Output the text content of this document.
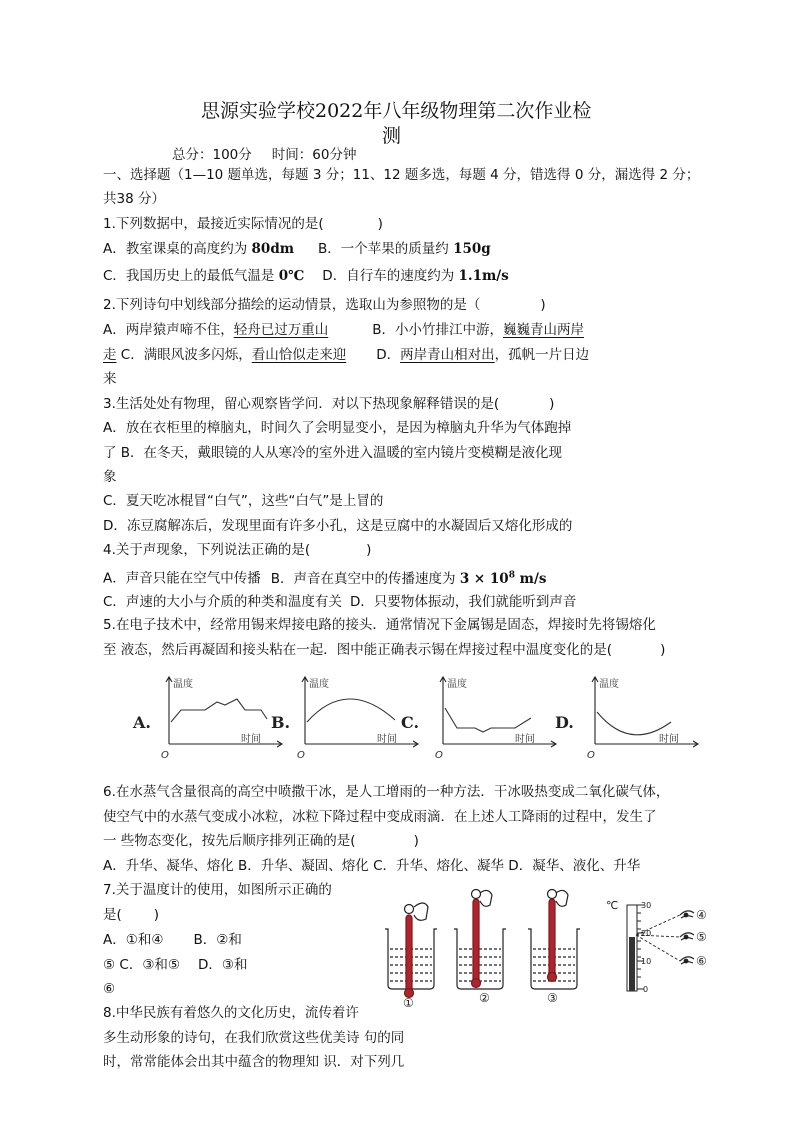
思源实验学校2022年八年级物理第二次作业检
测
总分：100分 时间：60分钟
一、选择题（1—10 题单选，每题 3 分；11、12 题多选，每题 4 分，错选得 0 分，漏选得 2 分；
共38 分）
1.下列数据中，最接近实际情况的是(	)
A．教室课桌的高度约为 80dm B．一个苹果的质量约 150g
C．我国历史上的最低气温是 0℃ D．自行车的速度约为 1.1m/s
2.下列诗句中划线部分描绘的运动情景，选取山为参照物的是（	)
A．两岸猿声啼不住，轻舟已过万重山	B．小小竹排江中游，巍巍青山两岸
走 C．满眼风波多闪烁，看山恰似走来迎 D．两岸青山相对出，孤帆一片日边
来
3.生活处处有物理，留心观察皆学问．对以下热现象解释错误的是(	)
A．放在衣柜里的樟脑丸，时间久了会明显变小，是因为樟脑丸升华为气体跑掉
了 B．在冬天，戴眼镜的人从寒冷的室外进入温暖的室内镜片变模糊是液化现
象
C．夏天吃冰棍冒“白气”，这些“白气”是上冒的
D．冻豆腐解冻后，发现里面有许多小孔，这是豆腐中的水凝固后又熔化形成的
4.关于声现象，下列说法正确的是(	)
A．声音只能在空气中传播 B．声音在真空中的传播速度为 $3 \times 10^8$ m/s
C．声速的大小与介质的种类和温度有关 D．只要物体振动，我们就能听到声音
5.在电子技术中，经常用锡来焊接电路的接头．通常情况下金属锡是固态，焊接时先将锡熔化
至 液态，然后再凝固和接头粘在一起．图中能正确表示锡在焊接过程中温度变化的是(	)
温度
时间
O
温度
时间
O
温度
时间
O
温度
时间
O
A.	B.	C.	D.
6.在水蒸气含量很高的高空中喷撒干冰，是人工增雨的一种方法．干冰吸热变成二氧化碳气体，
使空气中的水蒸气变成小冰粒，冰粒下降过程中变成雨滴．在上述人工降雨的过程中，发生了
一 些物态变化，按先后顺序排列正确的是(	)
A．升华、凝华、熔化 B．升华、凝固、熔化 C．升华、熔化、凝华 D．凝华、液化、升华
7.关于温度计的使用，如图所示正确的
是( )
A．①和④ B．②和
⑤ C．③和⑤ D．③和
⑥
①	②	③
℃	30
20
10
0
④
⑤
⑥
8.中华民族有着悠久的文化历史，流传着许
多生动形象的诗句，在我们欣赏这些优美诗 句的同
时，常常能体会出其中蕴含的物理知 识．对下列几
